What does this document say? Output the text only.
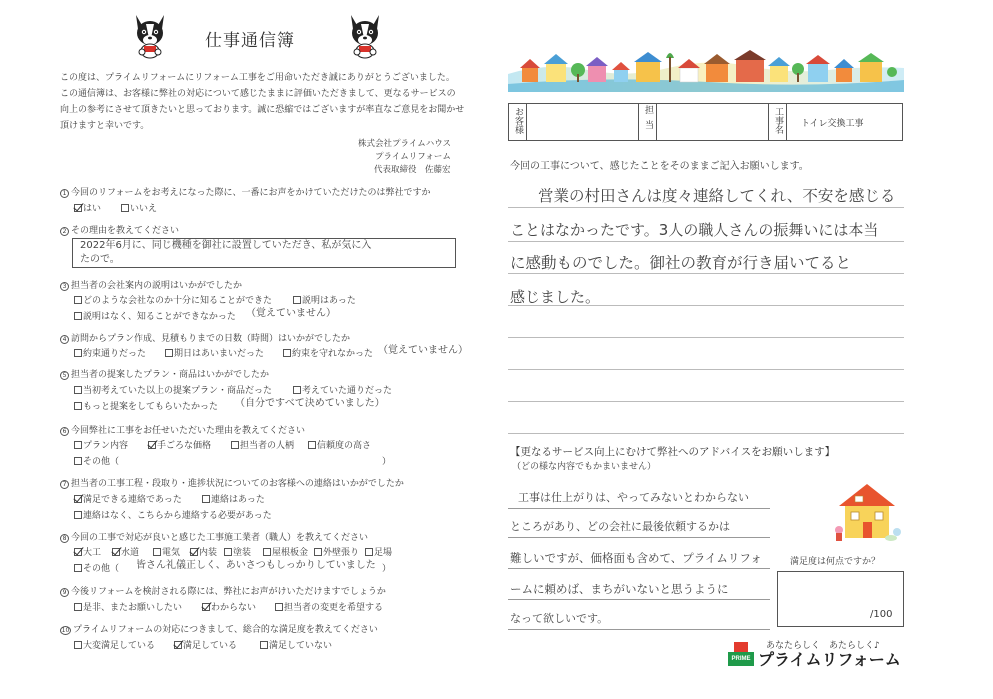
仕事通信簿
この度は、プライムリフォームにリフォーム工事をご用命いただき誠にありがとうございました。
この通信簿は、お客様に弊社の対応について感じたままに評価いただきまして、更なるサービスの
向上の参考にさせて頂きたいと思っております。誠に恐縮ではございますが率直なご意見をお聞かせ
頂けますと幸いです。
株式会社プライムハウス
プライムリフォーム
代表取締役　佐藤宏
1 今回のリフォームをお考えになった際に、一番にお声をかけていただけたのは弊社ですか
はい	いいえ
2 その理由を教えてください
2022年6月に、同じ機種を御社に設置していただき、私が気に入
たので。
3 担当者の会社案内の説明はいかがでしたか
どのような会社なのか十分に知ることができた	説明はあった
説明はなく、知ることができなかった （覚えていません）
4 訪問からプラン作成、見積もりまでの日数（時間）はいかがでしたか
約束通りだった	期日はあいまいだった	約束を守れなかった （覚えていません）
5 担当者の提案したプラン・商品はいかがでしたか
当初考えていた以上の提案プラン・商品だった	考えていた通りだった
もっと提案をしてもらいたかった （自分ですべて決めていました）
6 今回弊社に工事をお任せいただいた理由を教えてください
プラン内容	手ごろな価格	担当者の人柄	信頼度の高さ
その他（	）
7 担当者の工事工程・段取り・進捗状況についてのお客様への連絡はいかがでしたか
満足できる連絡であった	連絡はあった
連絡はなく、こちらから連絡する必要があった
8 今回の工事で対応が良いと感じた工事施工業者（職人）を教えてください
大工	水道	電気	内装	塗装	屋根板金	外壁張り	足場
その他（ 皆さん礼儀正しく、あいさつもしっかりしていました ）
9 今後リフォームを検討される際には、弊社にお声がけいただけますでしょうか
是非、またお願いしたい	わからない	担当者の変更を希望する
10 プライムリフォームの対応につきまして、総合的な満足度を教えてください
大変満足している	満足している	満足していない
お客様		担当		工事名	トイレ交換工事
今回の工事について、感じたことをそのままご記入お願いします。
営業の村田さんは度々連絡してくれ、不安を感じる
ことはなかったです。3人の職人さんの振舞いには本当
に感動ものでした。御社の教育が行き届いてると
感じました。
【更なるサービス向上にむけて弊社へのアドバイスをお願いします】
（どの様な内容でもかまいません）
工事は仕上がりは、やってみないとわからない
ところがあり、どの会社に最後依頼するかは
難しいですが、価格面も含めて、プライムリフォ
ームに頼めば、まちがいないと思うように
なって欲しいです。
満足度は何点ですか？
/100
あなたらしく　あたらしく♪
PRIME プライムリフォーム
